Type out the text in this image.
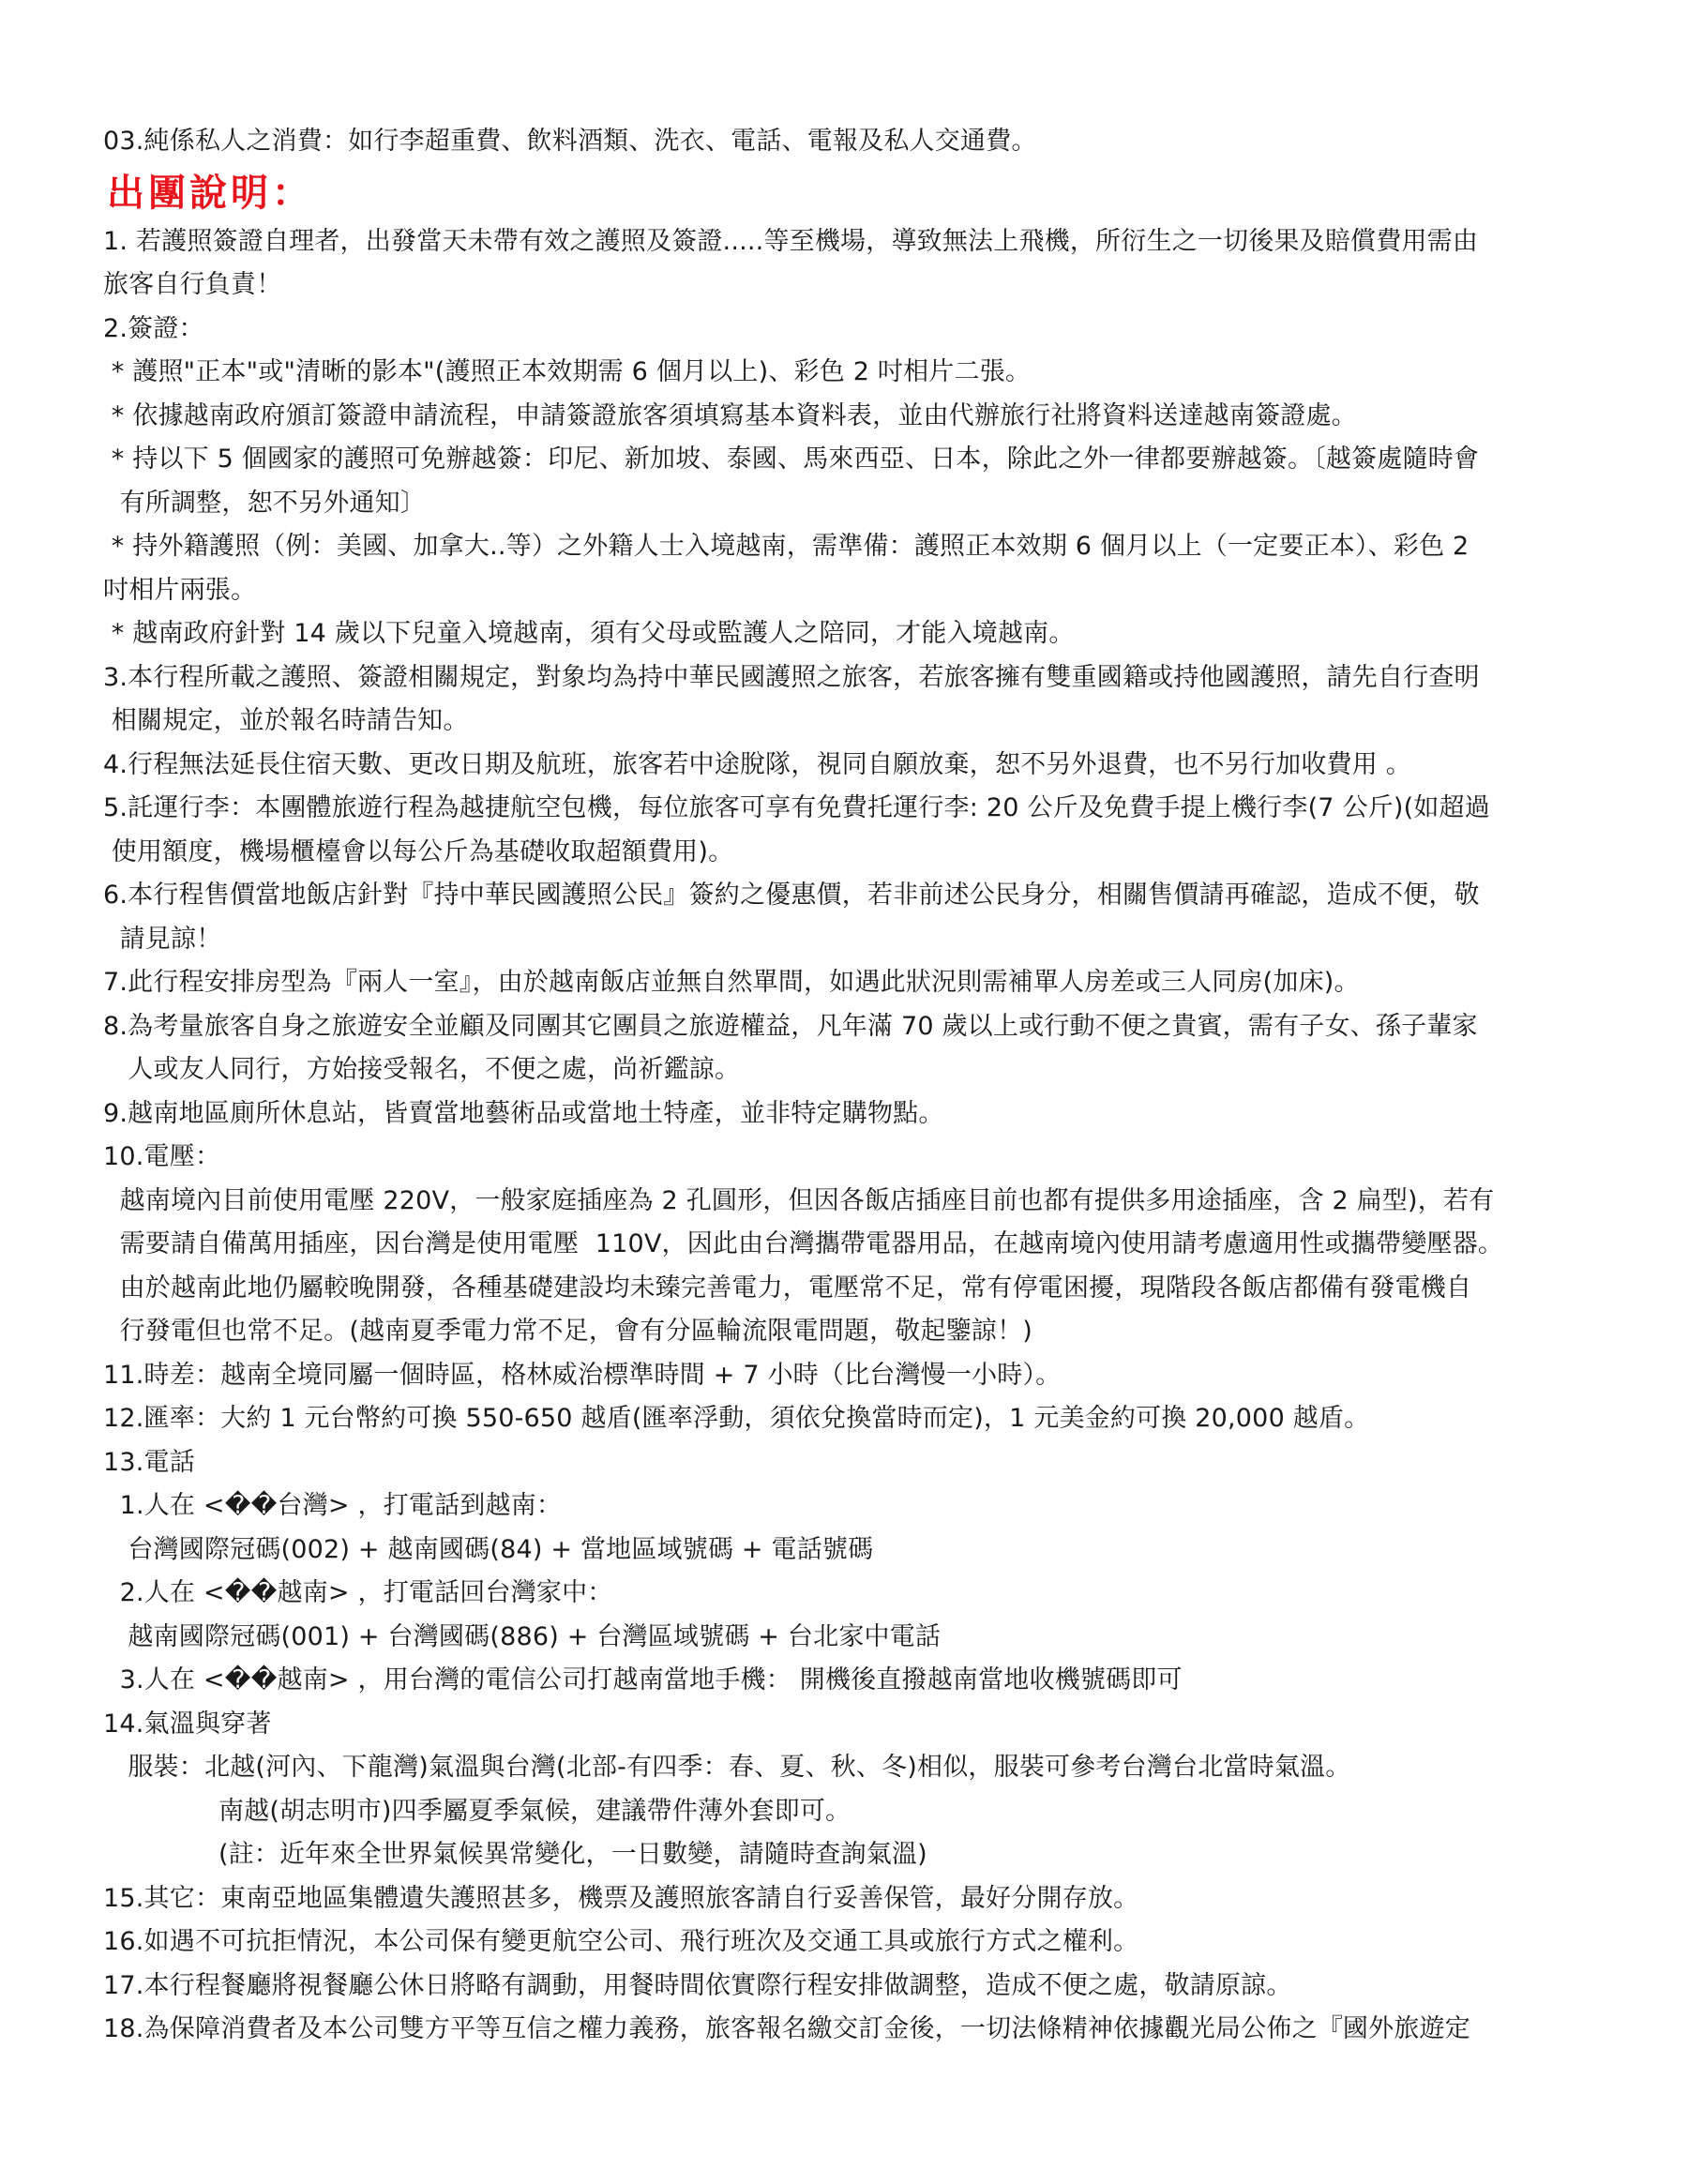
03.純係私人之消費：如行李超重費、飲料酒類、洗衣、電話、電報及私人交通費。
出團說明：
1. 若護照簽證自理者，出發當天未帶有效之護照及簽證.....等至機場，導致無法上飛機，所衍生之一切後果及賠償費用需由
旅客自行負責！
2.簽證：
* 護照"正本"或"清晰的影本"(護照正本效期需 6 個月以上)、彩色 2 吋相片二張。
* 依據越南政府頒訂簽證申請流程，申請簽證旅客須填寫基本資料表，並由代辦旅行社將資料送達越南簽證處。
* 持以下 5 個國家的護照可免辦越簽：印尼、新加坡、泰國、馬來西亞、日本，除此之外一律都要辦越簽。〔越簽處隨時會
有所調整，恕不另外通知〕
* 持外籍護照（例：美國、加拿大..等）之外籍人士入境越南，需準備：護照正本效期 6 個月以上（一定要正本）、彩色 2
吋相片兩張。
* 越南政府針對 14 歲以下兒童入境越南，須有父母或監護人之陪同，才能入境越南。
3.本行程所載之護照、簽證相關規定，對象均為持中華民國護照之旅客，若旅客擁有雙重國籍或持他國護照，請先自行查明
相關規定，並於報名時請告知。
4.行程無法延長住宿天數、更改日期及航班，旅客若中途脫隊，視同自願放棄，恕不另外退費，也不另行加收費用 。
5.託運行李：本團體旅遊行程為越捷航空包機，每位旅客可享有免費托運行李: 20 公斤及免費手提上機行李(7 公斤)(如超過
使用額度，機場櫃檯會以每公斤為基礎收取超額費用)。
6.本行程售價當地飯店針對『持中華民國護照公民』簽約之優惠價，若非前述公民身分，相關售價請再確認，造成不便，敬
請見諒！
7.此行程安排房型為『兩人一室』，由於越南飯店並無自然單間，如遇此狀況則需補單人房差或三人同房(加床)。
8.為考量旅客自身之旅遊安全並顧及同團其它團員之旅遊權益，凡年滿 70 歲以上或行動不便之貴賓，需有子女、孫子輩家
人或友人同行，方始接受報名，不便之處，尚祈鑑諒。
9.越南地區廁所休息站，皆賣當地藝術品或當地土特產，並非特定購物點。
10.電壓：
越南境內目前使用電壓 220V，一般家庭插座為 2 孔圓形，但因各飯店插座目前也都有提供多用途插座，含 2 扁型)，若有
需要請自備萬用插座，因台灣是使用電壓  110V，因此由台灣攜帶電器用品，在越南境內使用請考慮適用性或攜帶變壓器。
由於越南此地仍屬較晚開發，各種基礎建設均未臻完善電力，電壓常不足，常有停電困擾，現階段各飯店都備有發電機自
行發電但也常不足。(越南夏季電力常不足，會有分區輪流限電問題，敬起鑒諒！)
11.時差：越南全境同屬一個時區，格林威治標準時間 + 7 小時（比台灣慢一小時）。
12.匯率：大約 1 元台幣約可換 550-650 越盾(匯率浮動，須依兌換當時而定)，1 元美金約可換 20,000 越盾。
13.電話
1.人在 <��台灣> ，打電話到越南：
台灣國際冠碼(002) + 越南國碼(84) + 當地區域號碼 + 電話號碼
2.人在 <��越南> ，打電話回台灣家中：
越南國際冠碼(001) + 台灣國碼(886) + 台灣區域號碼 + 台北家中電話
3.人在 <��越南> ，用台灣的電信公司打越南當地手機： 開機後直撥越南當地收機號碼即可
14.氣溫與穿著
服裝：北越(河內、下龍灣)氣溫與台灣(北部-有四季：春、夏、秋、冬)相似，服裝可參考台灣台北當時氣溫。
南越(胡志明市)四季屬夏季氣候，建議帶件薄外套即可。
(註：近年來全世界氣候異常變化，一日數變，請隨時查詢氣溫)
15.其它：東南亞地區集體遺失護照甚多，機票及護照旅客請自行妥善保管，最好分開存放。
16.如遇不可抗拒情況，本公司保有變更航空公司、飛行班次及交通工具或旅行方式之權利。
17.本行程餐廳將視餐廳公休日將略有調動，用餐時間依實際行程安排做調整，造成不便之處，敬請原諒。
18.為保障消費者及本公司雙方平等互信之權力義務，旅客報名繳交訂金後，一切法條精神依據觀光局公佈之『國外旅遊定
